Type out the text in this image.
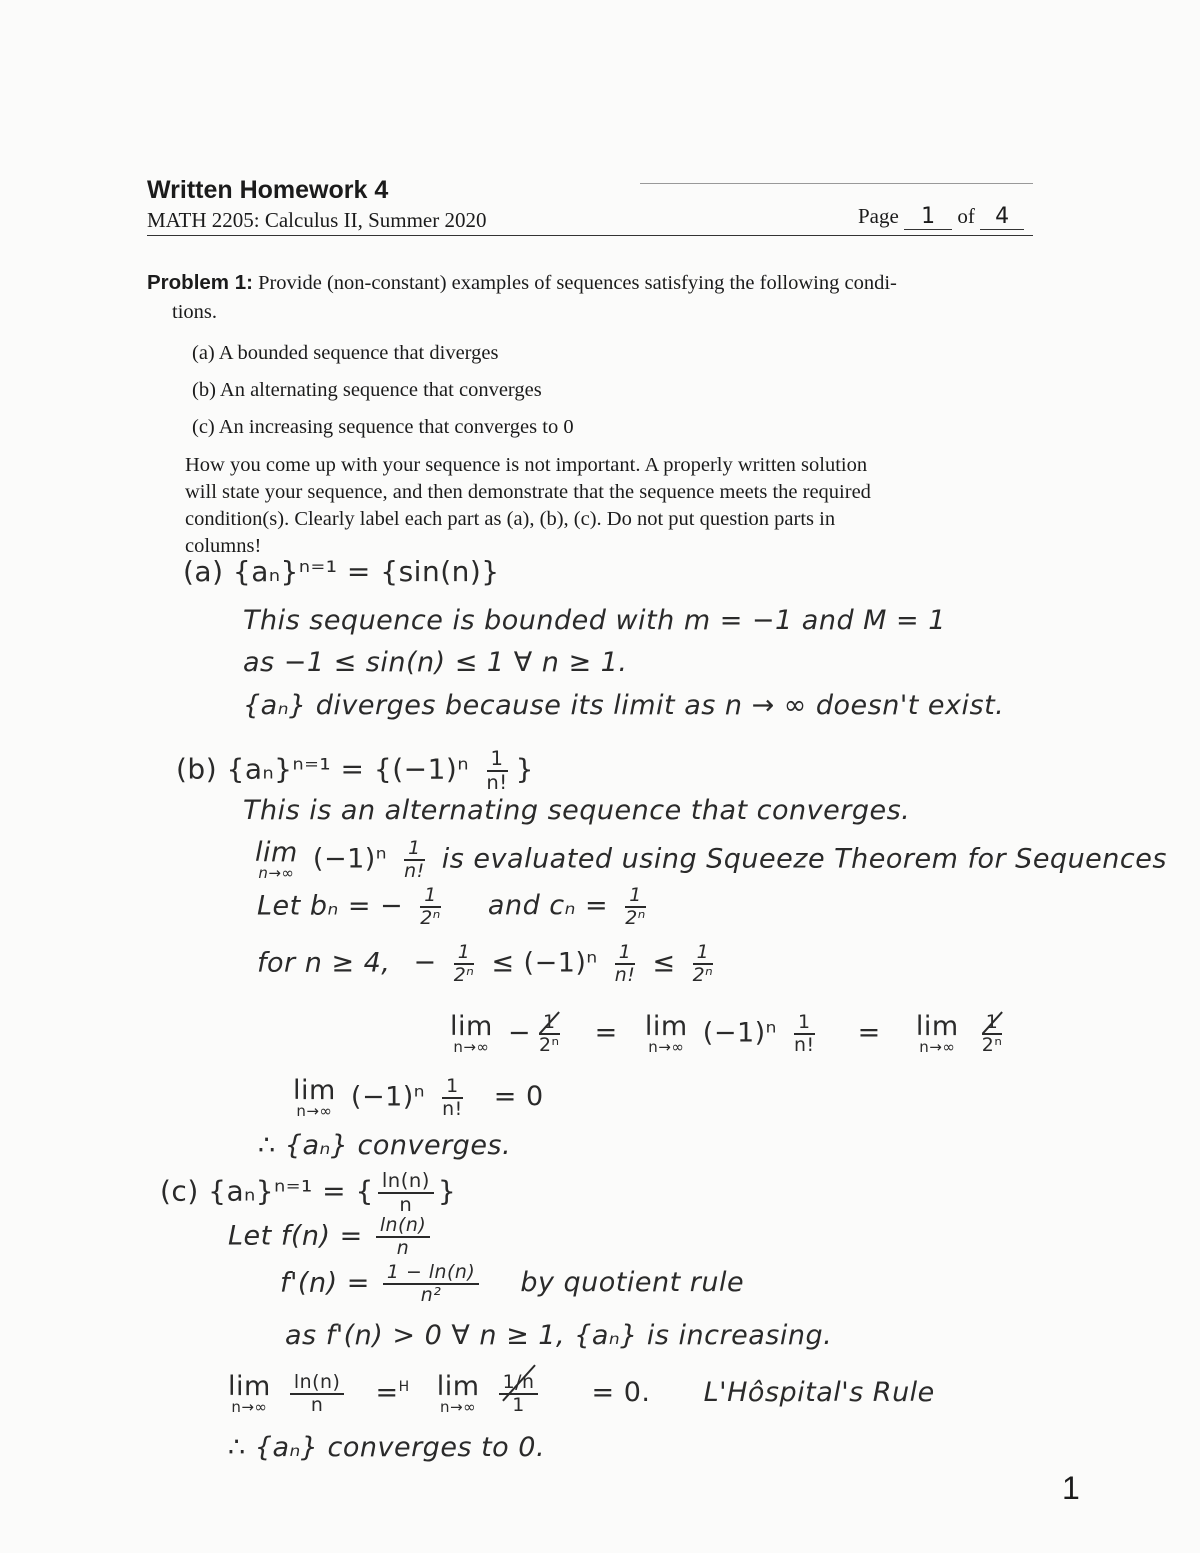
Written Homework 4
MATH 2205: Calculus II, Summer 2020	Page 1 of 4
Problem 1: Provide (non-constant) examples of sequences satisfying the following condi-
tions.
(a) A bounded sequence that diverges
(b) An alternating sequence that converges
(c) An increasing sequence that converges to 0
How you come up with your sequence is not important. A properly written solution
will state your sequence, and then demonstrate that the sequence meets the required
condition(s). Clearly label each part as (a), (b), (c). Do not put question parts in
columns!
(a) {aₙ}ⁿ⁼¹ = {sin(n)}
This sequence is bounded with m = −1 and M = 1
as −1 ≤ sin(n) ≤ 1 ∀ n ≥ 1.
{aₙ} diverges because its limit as n → ∞ doesn't exist.
(b) $\{a_n\}^{n=1} = \{(-1)^n \frac{1}{n!}$ }
This is an alternating sequence that converges.
lim
n→∞ $(-1)^n \frac{1}{n!}$ is evaluated using Squeeze Theorem for Sequences
Let bₙ = − $\frac{1}{\text{2ⁿ}}$ and $c_n = \frac{1}{\text{2ⁿ}}$
for n ≥ 4, − $\frac{1}{\text{2ⁿ}} \le (-1)^n \frac{1}{n!} \le \frac{1}{\text{2ⁿ}}$
lim
$n\to\infty - \frac{1}{\text{2ⁿ}} = \lim$
n→∞ $(-1)^n \frac{1}{n!} = \lim$
n→∞
$\frac{1}{\text{2ⁿ}}$
lim
n→∞ $(-1)^n \frac{1}{n!} = 0$
∴ {aₙ} converges.
(c) {aₙ}ⁿ⁼¹ = { $\frac{\ln(n)}{n}$ }
Let $f(n) = \frac{\ln(n)}{n}$
$f'(n) = \frac{1 - \ln(n)}{\text{n²}}$ by quotient rule
as f'(n) > 0 ∀ n ≥ 1, {aₙ} is increasing.
lim
n→∞
$\frac{\ln(n)}{n} =^H$ lim
n→∞
$\frac{1/n}{1} = 0$. L'Hôspital's Rule
∴ {aₙ} converges to 0.
1
